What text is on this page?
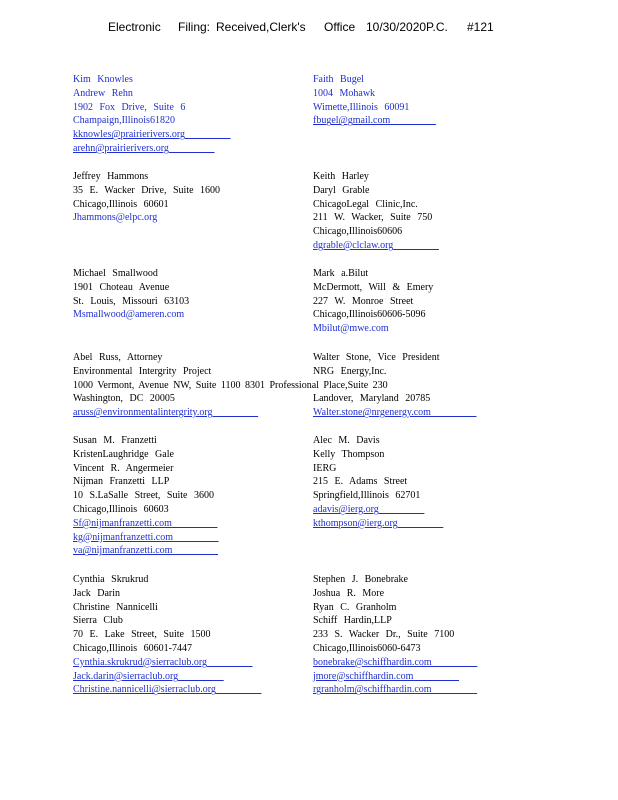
Electronic Filing: Received,Clerk's Office 10/30/2020P.C. #121
Kim Knowles
Andrew Rehn
1902 Fox Drive, Suite 6
Champaign,Illinois61820
kknowles@prairierivers.org
arehn@prairierivers.org
Faith Bugel
1004 Mohawk
Wimette,Illinois 60091
fbugel@gmail.com
Jeffrey Hammons
35 E. Wacker Drive, Suite 1600
Chicago,Illinois 60601
Jhammons@elpc.org
Keith Harley
Daryl Grable
ChicagoLegal Clinic,Inc.
211 W. Wacker, Suite 750
Chicago,Illinois60606
dgrable@clclaw.org
Michael Smallwood
1901 Choteau Avenue
St. Louis, Missouri 63103
Msmallwood@ameren.com
Mark a.Bilut
McDermott, Will & Emery
227 W. Monroe Street
Chicago,Illinois60606-5096
Mbilut@mwe.com
Abel Russ, Attorney
Environmental Intergrity Project
1000 Vermont, Avenue NW, Suite 1100 8301 Professional Place,Suite 230
Washington, DC 20005
aruss@environmentalintergrity.org
Walter Stone, Vice President
NRG Energy,Inc.
Landover, Maryland 20785
Walter.stone@nrgenergy.com
Susan M. Franzetti
KristenLaughridge Gale
Vincent R. Angermeier
Nijman Franzetti LLP
10 S.LaSalle Street, Suite 3600
Chicago,Illinois 60603
Sf@nijmanfranzetti.com
kg@nijmanfranzetti.com
va@nijmanfranzetti.com
Alec M. Davis
Kelly Thompson
IERG
215 E. Adams Street
Springfield,Illinois 62701
adavis@ierg.org
kthompson@ierg.org
Cynthia Skrukrud
Jack Darin
Christine Nannicelli
Sierra Club
70 E. Lake Street, Suite 1500
Chicago,Illinois 60601-7447
Cynthia.skrukrud@sierraclub.org
Jack.darin@sierraclub.org
Christine.nannicelli@sierraclub.org
Stephen J. Bonebrake
Joshua R. More
Ryan C. Granholm
Schiff Hardin,LLP
233 S. Wacker Dr., Suite 7100
Chicago,Illinois6060-6473
bonebrake@schiffhardin.com
jmore@schiffhardin.com
rgranholm@schiffhardin.com
